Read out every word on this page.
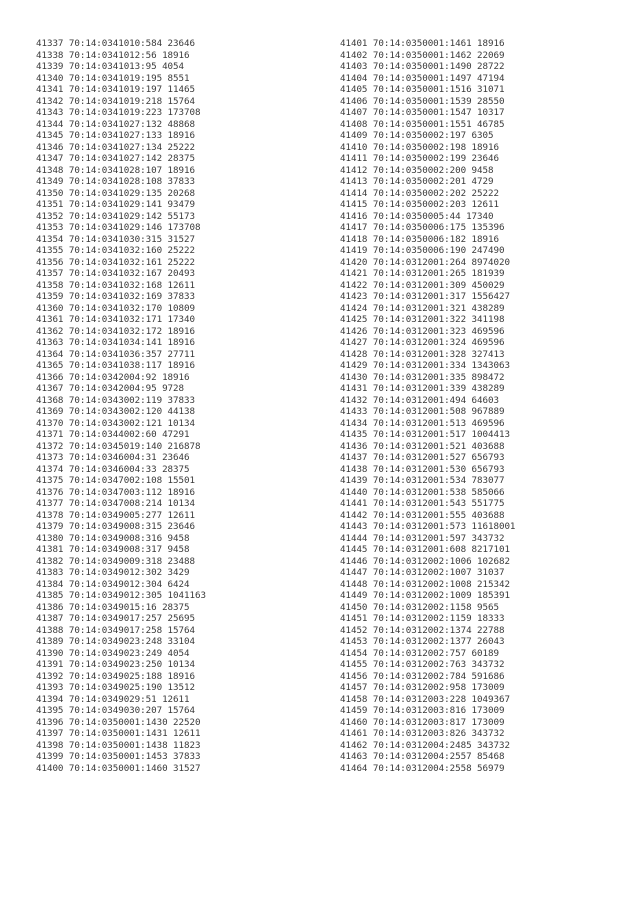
41337 70:14:0341010:584 23646
41338 70:14:0341012:56 18916
41339 70:14:0341013:95 4054
41340 70:14:0341019:195 8551
41341 70:14:0341019:197 11465
41342 70:14:0341019:218 15764
41343 70:14:0341019:223 173708
41344 70:14:0341027:132 48868
41345 70:14:0341027:133 18916
41346 70:14:0341027:134 25222
41347 70:14:0341027:142 28375
41348 70:14:0341028:107 18916
41349 70:14:0341028:108 37833
41350 70:14:0341029:135 20268
41351 70:14:0341029:141 93479
41352 70:14:0341029:142 55173
41353 70:14:0341029:146 173708
41354 70:14:0341030:315 31527
41355 70:14:0341032:160 25222
41356 70:14:0341032:161 25222
41357 70:14:0341032:167 20493
41358 70:14:0341032:168 12611
41359 70:14:0341032:169 37833
41360 70:14:0341032:170 10809
41361 70:14:0341032:171 17340
41362 70:14:0341032:172 18916
41363 70:14:0341034:141 18916
41364 70:14:0341036:357 27711
41365 70:14:0341038:117 18916
41366 70:14:0342004:92 18916
41367 70:14:0342004:95 9728
41368 70:14:0343002:119 37833
41369 70:14:0343002:120 44138
41370 70:14:0343002:121 10134
41371 70:14:0344002:60 47291
41372 70:14:0345019:140 216878
41373 70:14:0346004:31 23646
41374 70:14:0346004:33 28375
41375 70:14:0347002:108 15501
41376 70:14:0347003:112 18916
41377 70:14:0347008:214 10134
41378 70:14:0349005:277 12611
41379 70:14:0349008:315 23646
41380 70:14:0349008:316 9458
41381 70:14:0349008:317 9458
41382 70:14:0349009:318 23488
41383 70:14:0349012:302 3429
41384 70:14:0349012:304 6424
41385 70:14:0349012:305 1041163
41386 70:14:0349015:16 28375
41387 70:14:0349017:257 25695
41388 70:14:0349017:258 15764
41389 70:14:0349023:248 33104
41390 70:14:0349023:249 4054
41391 70:14:0349023:250 10134
41392 70:14:0349025:188 18916
41393 70:14:0349025:190 13512
41394 70:14:0349029:51 12611
41395 70:14:0349030:207 15764
41396 70:14:0350001:1430 22520
41397 70:14:0350001:1431 12611
41398 70:14:0350001:1438 11823
41399 70:14:0350001:1453 37833
41400 70:14:0350001:1460 31527
41401 70:14:0350001:1461 18916
41402 70:14:0350001:1462 22069
41403 70:14:0350001:1490 28722
41404 70:14:0350001:1497 47194
41405 70:14:0350001:1516 31071
41406 70:14:0350001:1539 28550
41407 70:14:0350001:1547 10317
41408 70:14:0350001:1551 46785
41409 70:14:0350002:197 6305
41410 70:14:0350002:198 18916
41411 70:14:0350002:199 23646
41412 70:14:0350002:200 9458
41413 70:14:0350002:201 4729
41414 70:14:0350002:202 25222
41415 70:14:0350002:203 12611
41416 70:14:0350005:44 17340
41417 70:14:0350006:175 135396
41418 70:14:0350006:182 18916
41419 70:14:0350006:190 247490
41420 70:14:0312001:264 8974020
41421 70:14:0312001:265 181939
41422 70:14:0312001:309 450029
41423 70:14:0312001:317 1556427
41424 70:14:0312001:321 438289
41425 70:14:0312001:322 341198
41426 70:14:0312001:323 469596
41427 70:14:0312001:324 469596
41428 70:14:0312001:328 327413
41429 70:14:0312001:334 1343063
41430 70:14:0312001:335 898472
41431 70:14:0312001:339 438289
41432 70:14:0312001:494 64603
41433 70:14:0312001:508 967889
41434 70:14:0312001:513 469596
41435 70:14:0312001:517 1004413
41436 70:14:0312001:521 403688
41437 70:14:0312001:527 656793
41438 70:14:0312001:530 656793
41439 70:14:0312001:534 783077
41440 70:14:0312001:538 585066
41441 70:14:0312001:543 551775
41442 70:14:0312001:555 403688
41443 70:14:0312001:573 11618001
41444 70:14:0312001:597 343732
41445 70:14:0312001:608 8217101
41446 70:14:0312002:1006 102682
41447 70:14:0312002:1007 31037
41448 70:14:0312002:1008 215342
41449 70:14:0312002:1009 185391
41450 70:14:0312002:1158 9565
41451 70:14:0312002:1159 18333
41452 70:14:0312002:1374 22788
41453 70:14:0312002:1377 26043
41454 70:14:0312002:757 60189
41455 70:14:0312002:763 343732
41456 70:14:0312002:784 591686
41457 70:14:0312002:958 173009
41458 70:14:0312003:228 1049367
41459 70:14:0312003:816 173009
41460 70:14:0312003:817 173009
41461 70:14:0312003:826 343732
41462 70:14:0312004:2485 343732
41463 70:14:0312004:2557 85468
41464 70:14:0312004:2558 56979
